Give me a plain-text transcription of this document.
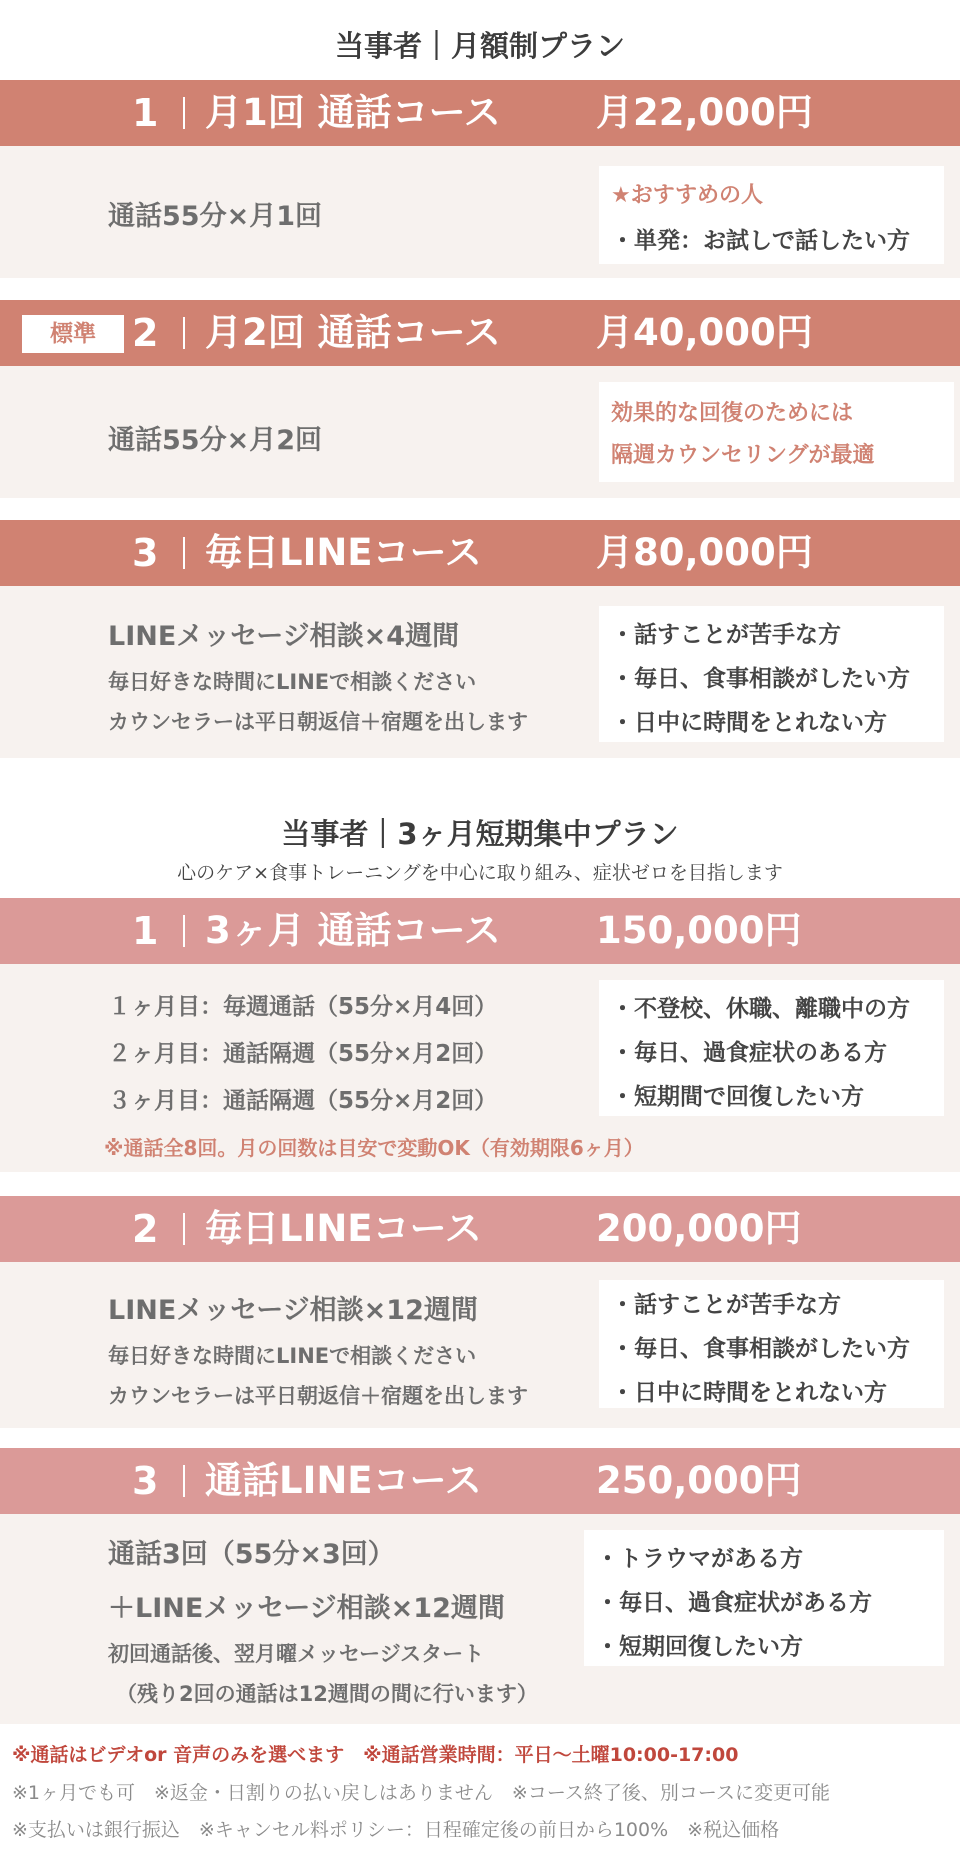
当事者｜月額制プラン
1 月1回 通話コース	月22,000円
通話55分×月1回
★おすすめの人
・単発：お試しで話したい方
標準 2 月2回 通話コース	月40,000円
通話55分×月2回
効果的な回復のためには
隔週カウンセリングが最適
3 毎日LINEコース	月80,000円
LINEメッセージ相談×4週間
毎日好きな時間にLINEで相談ください
カウンセラーは平日朝返信＋宿題を出します
・話すことが苦手な方
・毎日、食事相談がしたい方
・日中に時間をとれない方
当事者｜3ヶ月短期集中プラン
心のケア×食事トレーニングを中心に取り組み、症状ゼロを目指します
1 3ヶ月 通話コース	150,000円
１ヶ月目：毎週通話（55分×月4回）
２ヶ月目：通話隔週（55分×月2回）
３ヶ月目：通話隔週（55分×月2回）
※通話全8回。月の回数は目安で変動OK（有効期限6ヶ月）
・不登校、休職、離職中の方
・毎日、過食症状のある方
・短期間で回復したい方
2 毎日LINEコース	200,000円
LINEメッセージ相談×12週間
毎日好きな時間にLINEで相談ください
カウンセラーは平日朝返信＋宿題を出します
・話すことが苦手な方
・毎日、食事相談がしたい方
・日中に時間をとれない方
3 通話LINEコース	250,000円
通話3回（55分×3回）
＋LINEメッセージ相談×12週間
初回通話後、翌月曜メッセージスタート
（残り2回の通話は12週間の間に行います）
・トラウマがある方
・毎日、過食症状がある方
・短期回復したい方
※通話はビデオor 音声のみを選べます　※通話営業時間：平日〜土曜10:00-17:00
※1ヶ月でも可　※返金・日割りの払い戻しはありません　※コース終了後、別コースに変更可能
※支払いは銀行振込　※キャンセル料ポリシー：日程確定後の前日から100%　※税込価格
